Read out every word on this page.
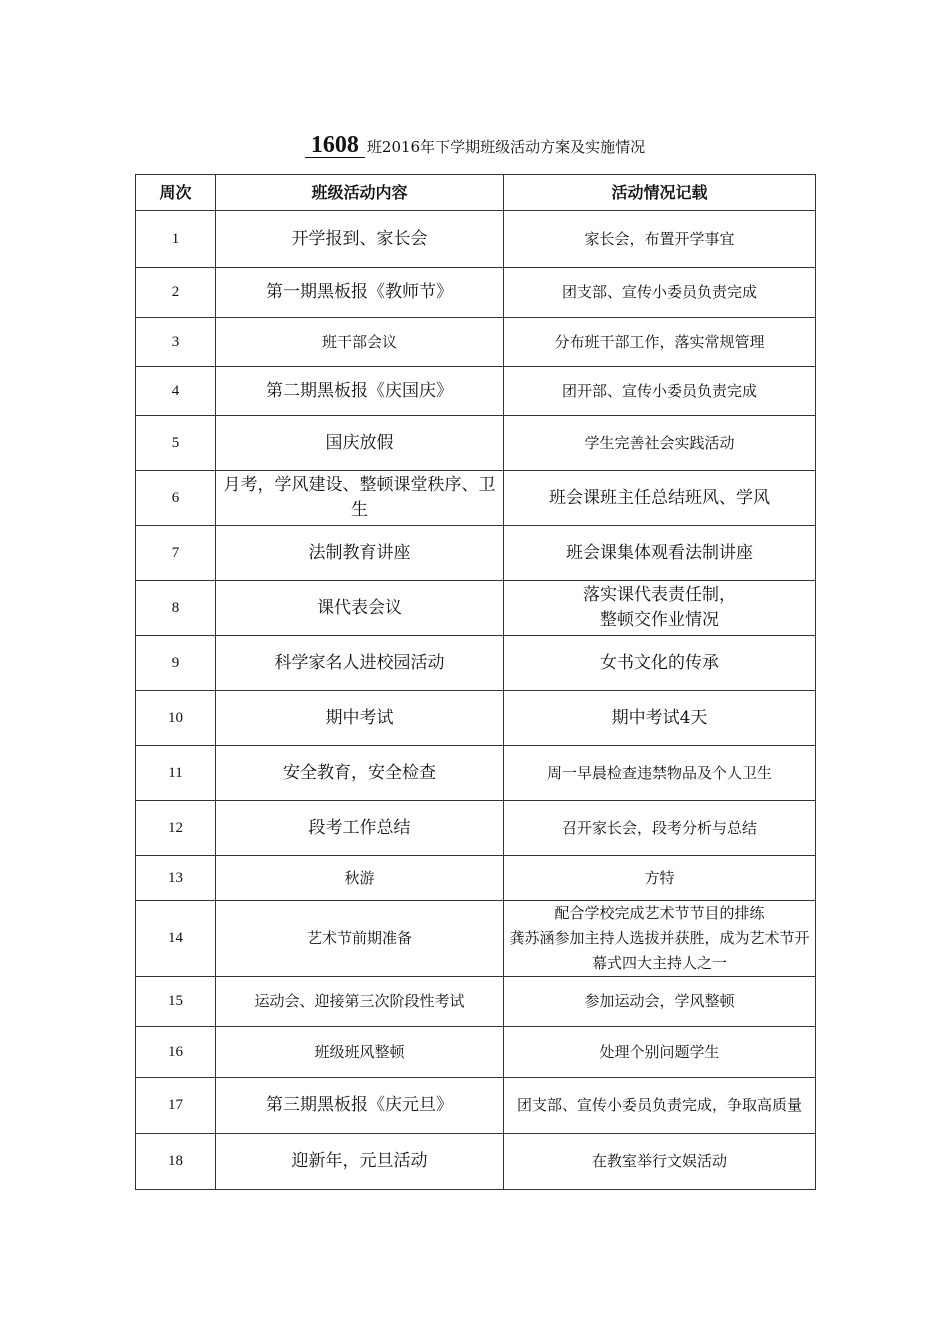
1608 班2016年下学期班级活动方案及实施情况
周次	班级活动内容	活动情况记载
1	开学报到、家长会	家长会，布置开学事宜
2	第一期黑板报《教师节》	团支部、宣传小委员负责完成
3	班干部会议	分布班干部工作，落实常规管理
4	第二期黑板报《庆国庆》	团开部、宣传小委员负责完成
5	国庆放假	学生完善社会实践活动
6	月考，学风建设、整顿课堂秩序、卫生	班会课班主任总结班风、学风
7	法制教育讲座	班会课集体观看法制讲座
8	课代表会议	落实课代表责任制，
整顿交作业情况
9	科学家名人进校园活动	女书文化的传承
10	期中考试	期中考试4天
11	安全教育，安全检查	周一早晨检查违禁物品及个人卫生
12	段考工作总结	召开家长会，段考分析与总结
13	秋游	方特
14	艺术节前期准备	配合学校完成艺术节节目的排练
龚苏涵参加主持人选拔并获胜，成为艺术节开幕式四大主持人之一
15	运动会、迎接第三次阶段性考试	参加运动会，学风整顿
16	班级班风整顿	处理个别问题学生
17	第三期黑板报《庆元旦》	团支部、宣传小委员负责完成，争取高质量
18	迎新年，元旦活动	在教室举行文娱活动
